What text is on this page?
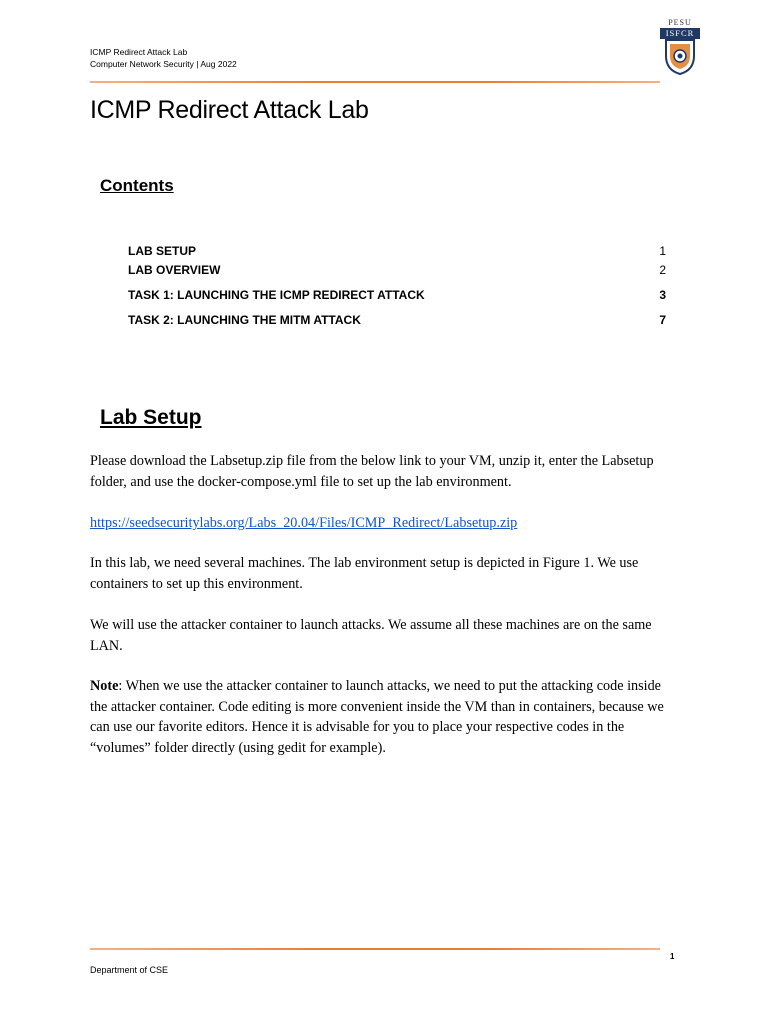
ICMP Redirect Attack Lab
Computer Network Security | Aug 2022
PESU
ISFCR
ICMP Redirect Attack Lab
Contents
LAB SETUP	1
LAB OVERVIEW	2
TASK 1: LAUNCHING THE ICMP REDIRECT ATTACK	3
TASK 2: LAUNCHING THE MITM ATTACK	7
Lab Setup

Please download the Labsetup.zip file from the below link to your VM, unzip it, enter the Labsetup folder, and use the docker-compose.yml file to set up the lab environment.

https://seedsecuritylabs.org/Labs_20.04/Files/ICMP_Redirect/Labsetup.zip

In this lab, we need several machines. The lab environment setup is depicted in Figure 1. We use containers to set up this environment.

We will use the attacker container to launch attacks. We assume all these machines are on the same LAN.

Note: When we use the attacker container to launch attacks, we need to put the attacking code inside the attacker container. Code editing is more convenient inside the VM than in containers, because we can use our favorite editors. Hence it is advisable for you to place your respective codes in the “volumes” folder directly (using gedit for example).

1
Department of CSE
